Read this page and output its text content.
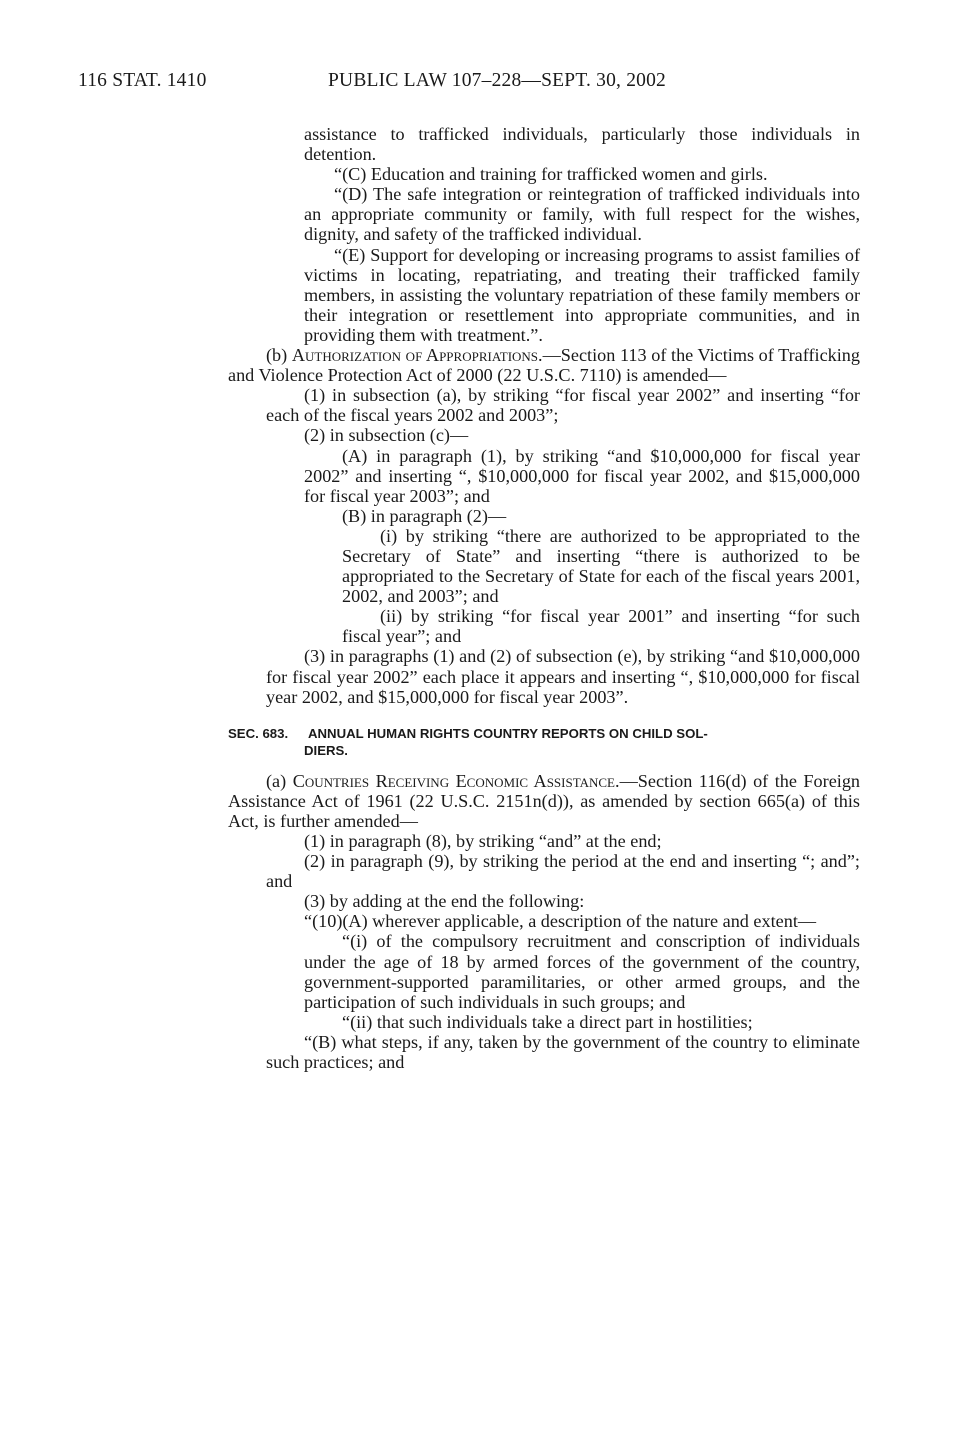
116 STAT. 1410	PUBLIC LAW 107–228—SEPT. 30, 2002

assistance to trafficked individuals, particularly those individuals in detention.

“(C) Education and training for trafficked women and girls.

“(D) The safe integration or reintegration of trafficked individuals into an appropriate community or family, with full respect for the wishes, dignity, and safety of the trafficked individual.

“(E) Support for developing or increasing programs to assist families of victims in locating, repatriating, and treating their trafficked family members, in assisting the voluntary repatriation of these family members or their integration or resettlement into appropriate communities, and in providing them with treatment.”.

(b) Authorization of Appropriations.—Section 113 of the Victims of Trafficking and Violence Protection Act of 2000 (22 U.S.C. 7110) is amended—

(1) in subsection (a), by striking “for fiscal year 2002” and inserting “for each of the fiscal years 2002 and 2003”;

(2) in subsection (c)—

(A) in paragraph (1), by striking “and $10,000,000 for fiscal year 2002” and inserting “, $10,000,000 for fiscal year 2002, and $15,000,000 for fiscal year 2003”; and

(B) in paragraph (2)—

(i) by striking “there are authorized to be appropriated to the Secretary of State” and inserting “there is authorized to be appropriated to the Secretary of State for each of the fiscal years 2001, 2002, and 2003”; and

(ii) by striking “for fiscal year 2001” and inserting “for such fiscal year”; and

(3) in paragraphs (1) and (2) of subsection (e), by striking “and $10,000,000 for fiscal year 2002” each place it appears and inserting “, $10,000,000 for fiscal year 2002, and $15,000,000 for fiscal year 2003”.

SEC. 683. ANNUAL HUMAN RIGHTS COUNTRY REPORTS ON CHILD SOL-
DIERS.

(a) Countries Receiving Economic Assistance.—Section 116(d) of the Foreign Assistance Act of 1961 (22 U.S.C. 2151n(d)), as amended by section 665(a) of this Act, is further amended—

(1) in paragraph (8), by striking “and” at the end;

(2) in paragraph (9), by striking the period at the end and inserting “; and”; and

(3) by adding at the end the following:

“(10)(A) wherever applicable, a description of the nature and extent—

“(i) of the compulsory recruitment and conscription of individuals under the age of 18 by armed forces of the government of the country, government-supported paramilitaries, or other armed groups, and the participation of such individuals in such groups; and

“(ii) that such individuals take a direct part in hostilities;

“(B) what steps, if any, taken by the government of the country to eliminate such practices; and
